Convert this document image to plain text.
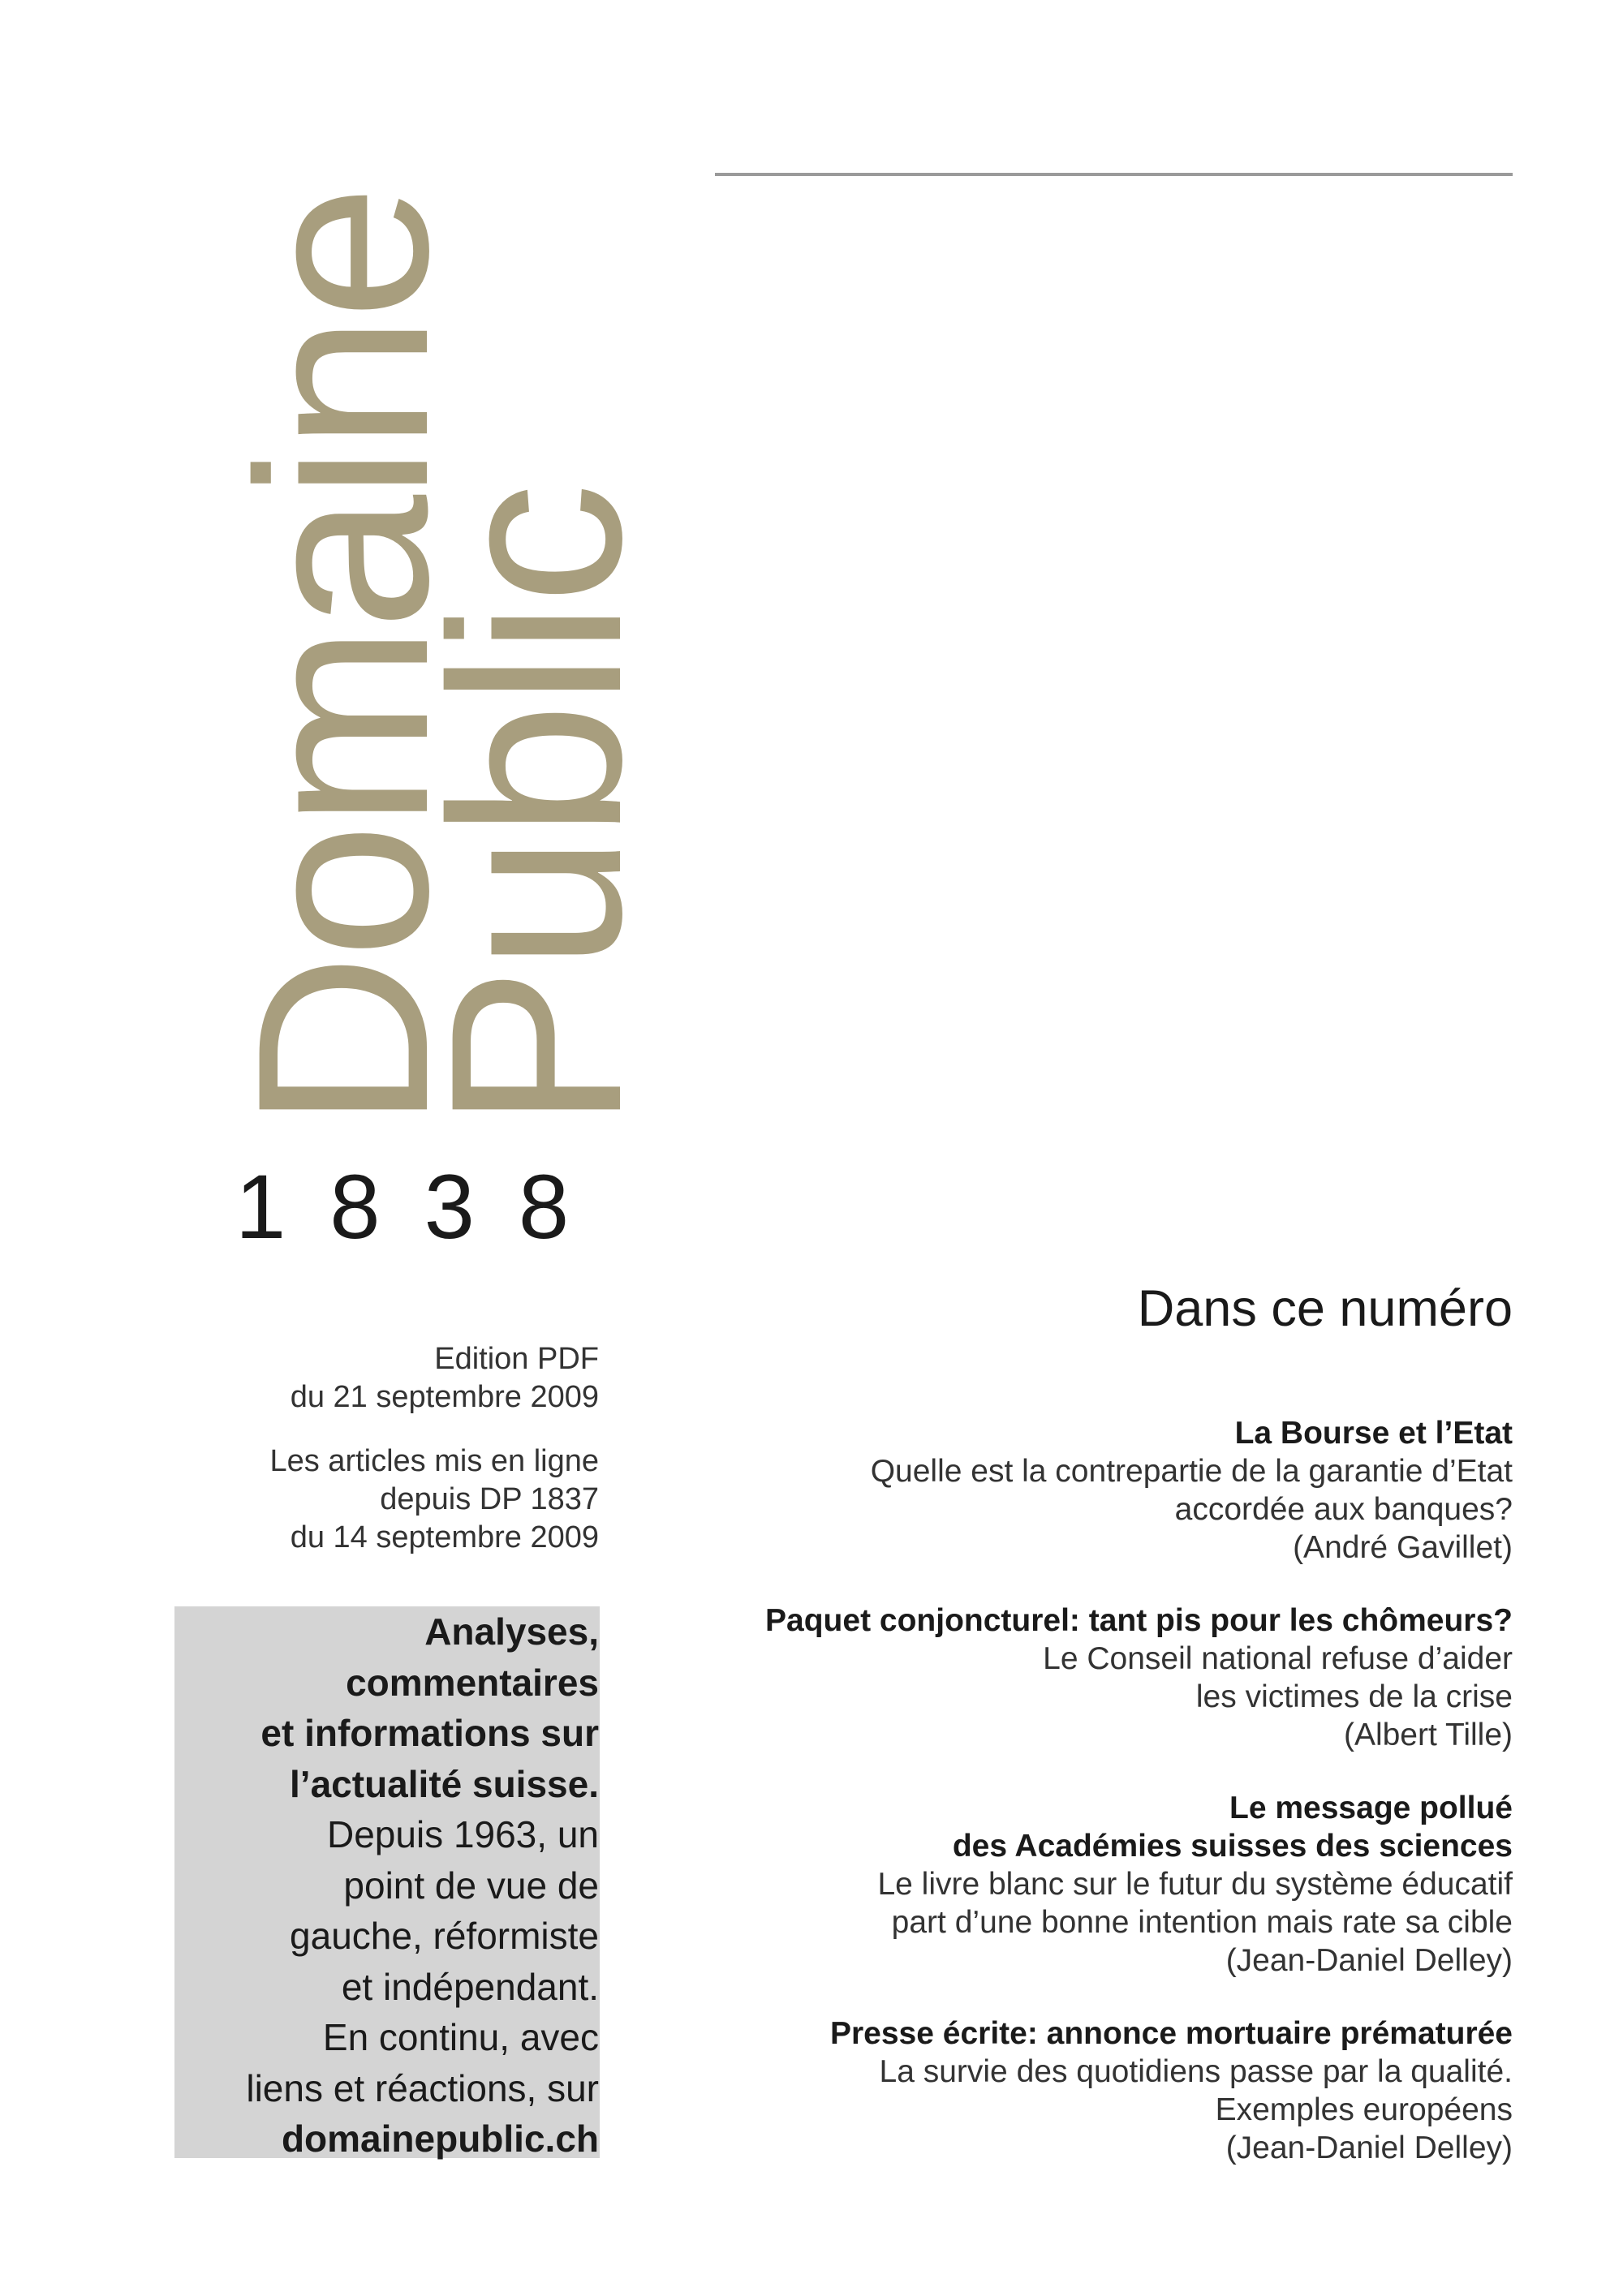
Domaine
Public
1838
Edition PDF
du 21 septembre 2009
Les articles mis en ligne
depuis DP 1837
du 14 septembre 2009
Analyses,
commentaires
et informations sur
l’actualité suisse.
Depuis 1963, un
point de vue de
gauche, réformiste
et indépendant.
En continu, avec
liens et réactions, sur
domainepublic.ch
Dans ce numéro
La Bourse et l’Etat
Quelle est la contrepartie de la garantie d’Etat
accordée aux banques?
(André Gavillet)
Paquet conjoncturel: tant pis pour les chômeurs?
Le Conseil national refuse d’aider
les victimes de la crise
(Albert Tille)
Le message pollué
des Académies suisses des sciences
Le livre blanc sur le futur du système éducatif
part d’une bonne intention mais rate sa cible
(Jean-Daniel Delley)
Presse écrite: annonce mortuaire prématurée
La survie des quotidiens passe par la qualité.
Exemples européens
(Jean-Daniel Delley)
